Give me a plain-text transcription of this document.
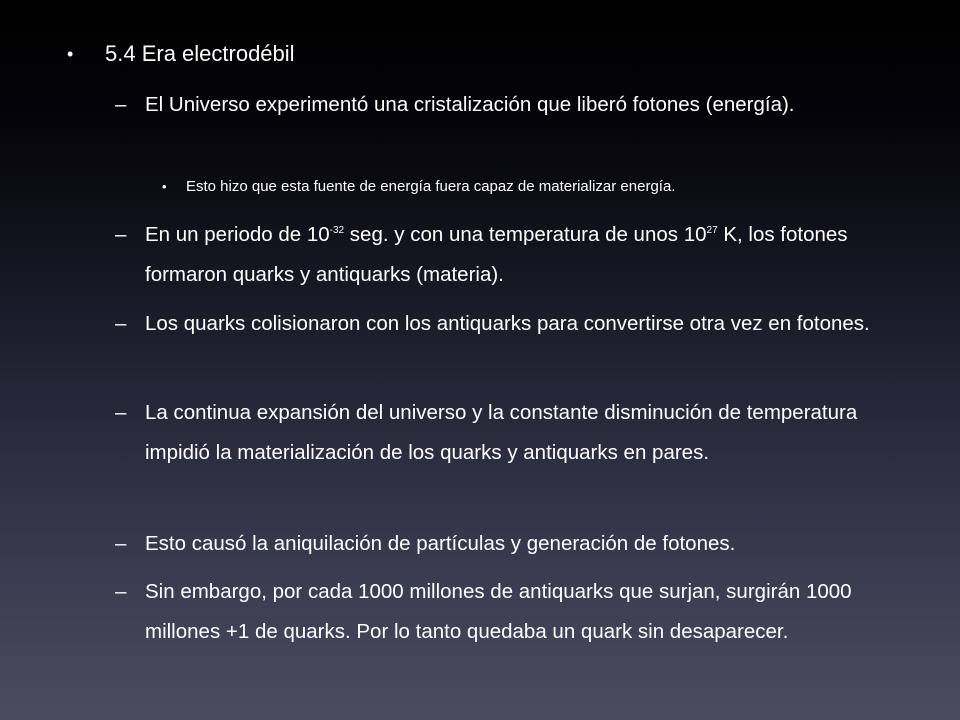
• 5.4 Era electrodébil
– El Universo experimentó una cristalización que liberó fotones (energía).
• Esto hizo que esta fuente de energía fuera capaz de materializar energía.
– En un periodo de $10^{-32}$ seg. y con una temperatura de unos $10^{27}$ K, los fotones formaron quarks y antiquarks (materia).
– Los quarks colisionaron con los antiquarks para convertirse otra vez en fotones.
– La continua expansión del universo y la constante disminución de temperatura impidió la materialización de los quarks y antiquarks en pares.
– Esto causó la aniquilación de partículas y generación de fotones.
– Sin embargo, por cada 1000 millones de antiquarks que surjan, surgirán 1000 millones +1 de quarks. Por lo tanto quedaba un quark sin desaparecer.
